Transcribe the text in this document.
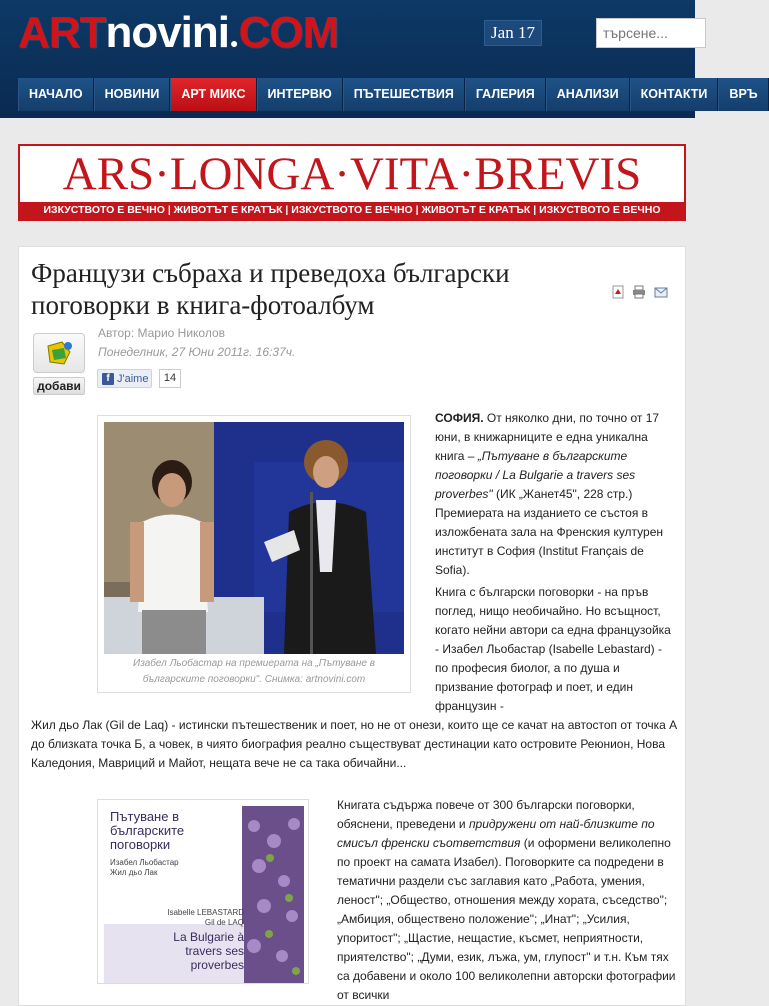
ART novini ● COM	Jan 17
търсене...
НАЧАЛО	НОВИНИ	АРТ МИКС	ИНТЕРВЮ	ПЪТЕШЕСТВИЯ	ГАЛЕРИЯ	АНАЛИЗИ	КОНТАКТИ	ВРЪ
ARS·LONGA·VITA·BREVIS
ИЗКУСТВОТО Е ВЕЧНО | ЖИВОТЪТ Е КРАТЪК | ИЗКУСТВОТО Е ВЕЧНО | ЖИВОТЪТ Е КРАТЪК | ИЗКУСТВОТО Е ВЕЧНО
Французи събраха и преведоха български поговорки в книга-фотоалбум
Автор: Марио Николов
Понеделник, 27 Юни 2011г. 16:37ч.
добави
f J'aime	14
Изабел Льобастар на премиерата на „Пътуване в българските поговорки". Снимка: artnovini.com
СОФИЯ. От няколко дни, по точно от 17 юни, в книжарниците е една уникална книга – „Пътуване в българските поговорки / La Bulgarie a travers ses proverbes" (ИК „Жанет45", 228 стр.) Премиерата на изданието се състоя в изложбената зала на Френския културен институт в София (Institut Français de Sofia).
Книга с български поговорки - на пръв поглед, нищо необичайно. Но всъщност, когато нейни автори са една французойка - Изабел Льобастар (Isabelle Lebastard) - по професия биолог, а по душа и призвание фотограф и поет, и един французин -
Жил дьо Лак (Gil de Laq) - истински пътешественик и поет, но не от онези, които ще се качат на автостоп от точка А до близката точка Б, а човек, в чиято биография реално съществуват дестинации като островите Реюнион, Нова Каледония, Мавриций и Майот, нещата вече не са така обичайни...
Пътуване в българските поговорки
Изабел Льобастар
Жил дьо Лак
Isabelle LEBASTARD
Gil de LAQ
La Bulgarie à travers ses proverbes
Книгата съдържа повече от 300 български поговорки, обяснени, преведени и придружени от най-близките по смисъл френски съответствия (и оформени великолепно по проект на самата Изабел). Поговорките са подредени в тематични раздели със заглавия като „Работа, умения, леност"; „Общество, отношения между хората, съседство"; „Амбиция, обществено положение"; „Инат"; „Усилия, упоритост"; „Щастие, нещастие, късмет, неприятности, приятелство"; „Думи, език, лъжа, ум, глупост" и т.н. Към тях са добавени и около 100 великолепни авторски фотографии от всички
